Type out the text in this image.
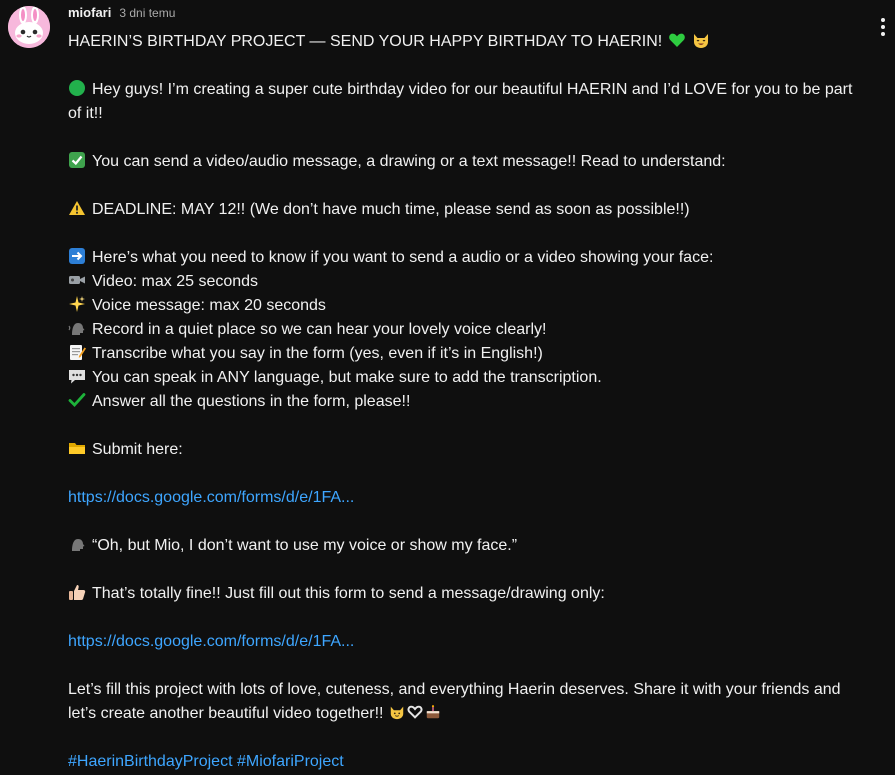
miofari 3 dni temu
HAERIN’S BIRTHDAY PROJECT — SEND YOUR HAPPY BIRTHDAY TO HAERIN!
Hey guys! I’m creating a super cute birthday video for our beautiful HAERIN and I’d LOVE for you to be part of it!!
You can send a video/audio message, a drawing or a text message!! Read to understand:
DEADLINE: MAY 12!! (We don’t have much time, please send as soon as possible!!)
Here’s what you need to know if you want to send a audio or a video showing your face:
Video: max 25 seconds
Voice message: max 20 seconds
Record in a quiet place so we can hear your lovely voice clearly!
Transcribe what you say in the form (yes, even if it’s in English!)
You can speak in ANY language, but make sure to add the transcription.
Answer all the questions in the form, please!!
Submit here:
https://docs.google.com/forms/d/e/1FA...
“Oh, but Mio, I don’t want to use my voice or show my face.”
That’s totally fine!! Just fill out this form to send a message/drawing only:
https://docs.google.com/forms/d/e/1FA...
Let’s fill this project with lots of love, cuteness, and everything Haerin deserves. Share it with your friends and let’s create another beautiful video together!!
#HaerinBirthdayProject #MiofariProject
